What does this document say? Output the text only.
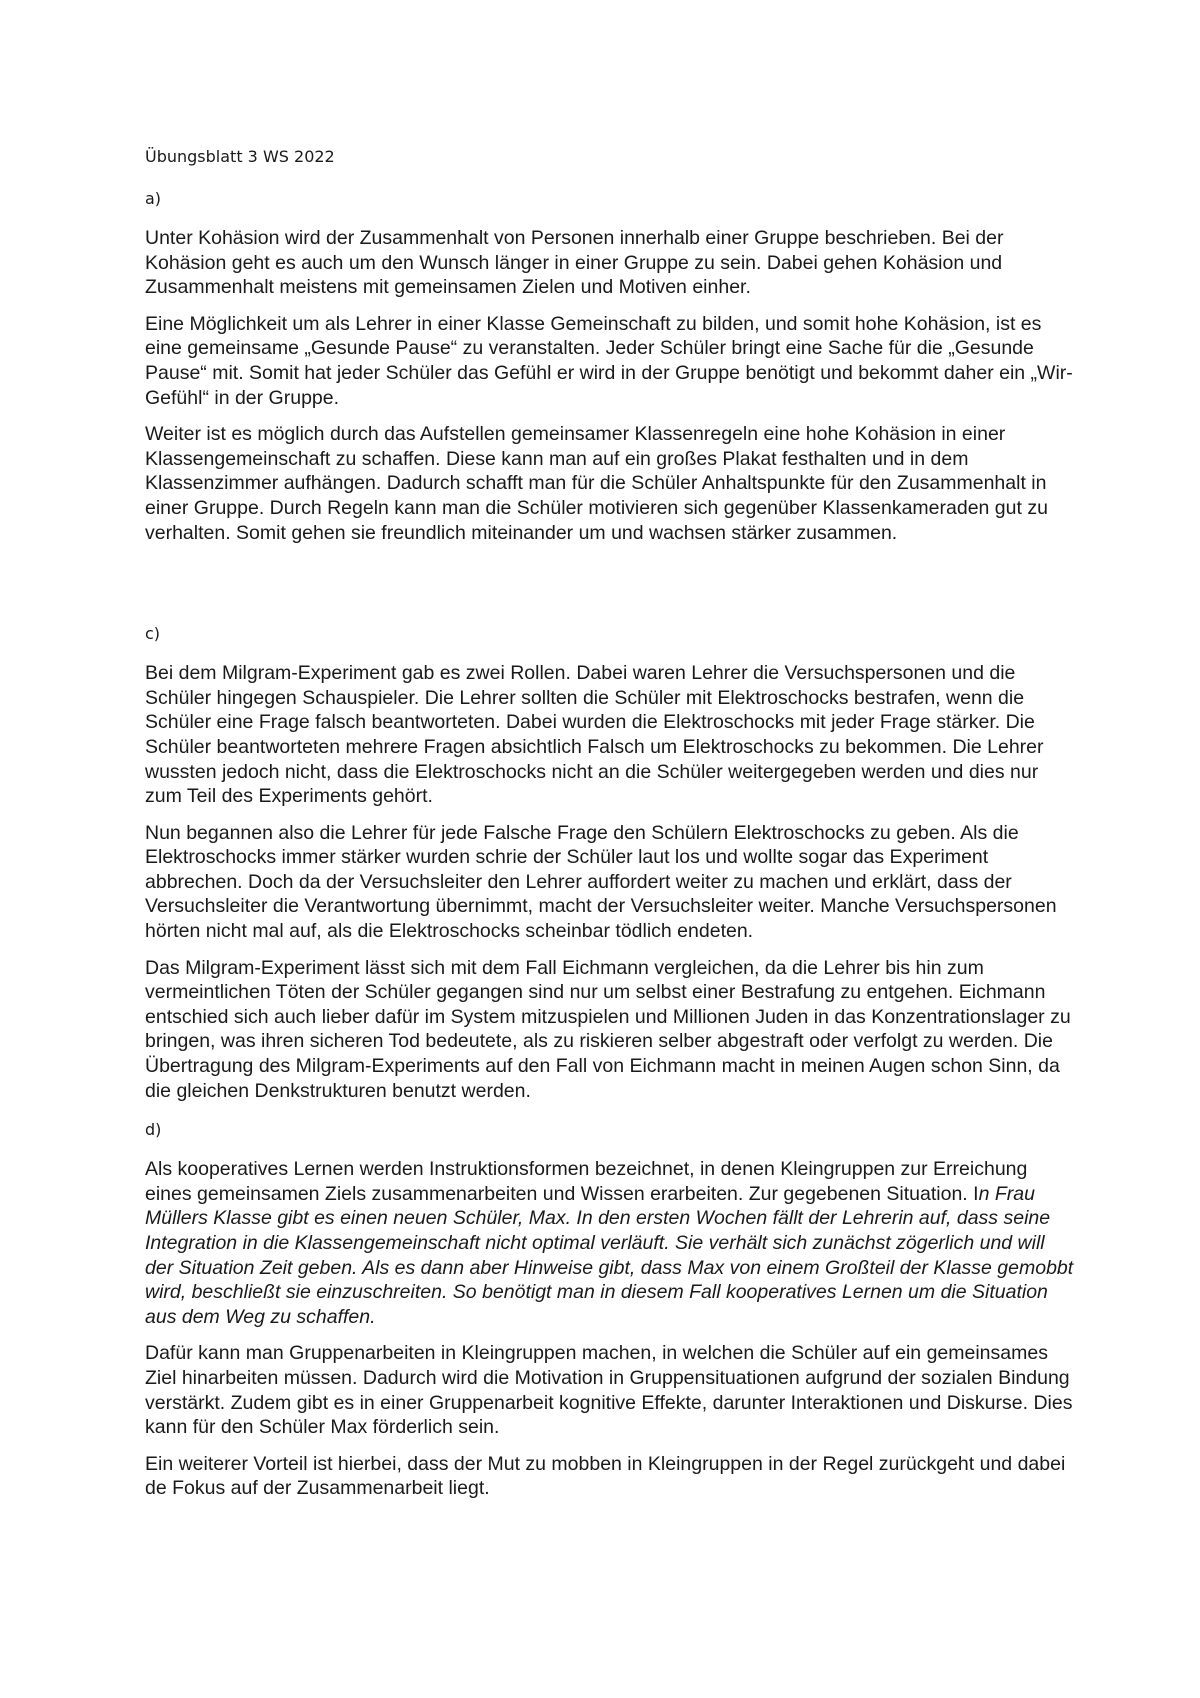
Übungsblatt 3 WS 2022
a)

Unter Kohäsion wird der Zusammenhalt von Personen innerhalb einer Gruppe beschrieben. Bei der Kohäsion geht es auch um den Wunsch länger in einer Gruppe zu sein. Dabei gehen Kohäsion und Zusammenhalt meistens mit gemeinsamen Zielen und Motiven einher.

Eine Möglichkeit um als Lehrer in einer Klasse Gemeinschaft zu bilden, und somit hohe Kohäsion, ist es eine gemeinsame „Gesunde Pause“ zu veranstalten. Jeder Schüler bringt eine Sache für die „Gesunde Pause“ mit. Somit hat jeder Schüler das Gefühl er wird in der Gruppe benötigt und bekommt daher ein „Wir-Gefühl“ in der Gruppe.

Weiter ist es möglich durch das Aufstellen gemeinsamer Klassenregeln eine hohe Kohäsion in einer Klassengemeinschaft zu schaffen. Diese kann man auf ein großes Plakat festhalten und in dem Klassenzimmer aufhängen. Dadurch schafft man für die Schüler Anhaltspunkte für den Zusammenhalt in einer Gruppe. Durch Regeln kann man die Schüler motivieren sich gegenüber Klassenkameraden gut zu verhalten. Somit gehen sie freundlich miteinander um und wachsen stärker zusammen.

c)

Bei dem Milgram-Experiment gab es zwei Rollen. Dabei waren Lehrer die Versuchspersonen und die Schüler hingegen Schauspieler. Die Lehrer sollten die Schüler mit Elektroschocks bestrafen, wenn die Schüler eine Frage falsch beantworteten. Dabei wurden die Elektroschocks mit jeder Frage stärker. Die Schüler beantworteten mehrere Fragen absichtlich Falsch um Elektroschocks zu bekommen. Die Lehrer wussten jedoch nicht, dass die Elektroschocks nicht an die Schüler weitergegeben werden und dies nur zum Teil des Experiments gehört.

Nun begannen also die Lehrer für jede Falsche Frage den Schülern Elektroschocks zu geben. Als die Elektroschocks immer stärker wurden schrie der Schüler laut los und wollte sogar das Experiment abbrechen. Doch da der Versuchsleiter den Lehrer auffordert weiter zu machen und erklärt, dass der Versuchsleiter die Verantwortung übernimmt, macht der Versuchsleiter weiter. Manche Versuchspersonen hörten nicht mal auf, als die Elektroschocks scheinbar tödlich endeten.

Das Milgram-Experiment lässt sich mit dem Fall Eichmann vergleichen, da die Lehrer bis hin zum vermeintlichen Töten der Schüler gegangen sind nur um selbst einer Bestrafung zu entgehen. Eichmann entschied sich auch lieber dafür im System mitzuspielen und Millionen Juden in das Konzentrationslager zu bringen, was ihren sicheren Tod bedeutete, als zu riskieren selber abgestraft oder verfolgt zu werden. Die Übertragung des Milgram-Experiments auf den Fall von Eichmann macht in meinen Augen schon Sinn, da die gleichen Denkstrukturen benutzt werden.

d)

Als kooperatives Lernen werden Instruktionsformen bezeichnet, in denen Kleingruppen zur Erreichung eines gemeinsamen Ziels zusammenarbeiten und Wissen erarbeiten. Zur gegebenen Situation. In Frau Müllers Klasse gibt es einen neuen Schüler, Max. In den ersten Wochen fällt der Lehrerin auf, dass seine Integration in die Klassengemeinschaft nicht optimal verläuft. Sie verhält sich zunächst zögerlich und will der Situation Zeit geben. Als es dann aber Hinweise gibt, dass Max von einem Großteil der Klasse gemobbt wird, beschließt sie einzuschreiten. So benötigt man in diesem Fall kooperatives Lernen um die Situation aus dem Weg zu schaffen.

Dafür kann man Gruppenarbeiten in Kleingruppen machen, in welchen die Schüler auf ein gemeinsames Ziel hinarbeiten müssen. Dadurch wird die Motivation in Gruppensituationen aufgrund der sozialen Bindung verstärkt. Zudem gibt es in einer Gruppenarbeit kognitive Effekte, darunter Interaktionen und Diskurse. Dies kann für den Schüler Max förderlich sein.

Ein weiterer Vorteil ist hierbei, dass der Mut zu mobben in Kleingruppen in der Regel zurückgeht und dabei de Fokus auf der Zusammenarbeit liegt.
